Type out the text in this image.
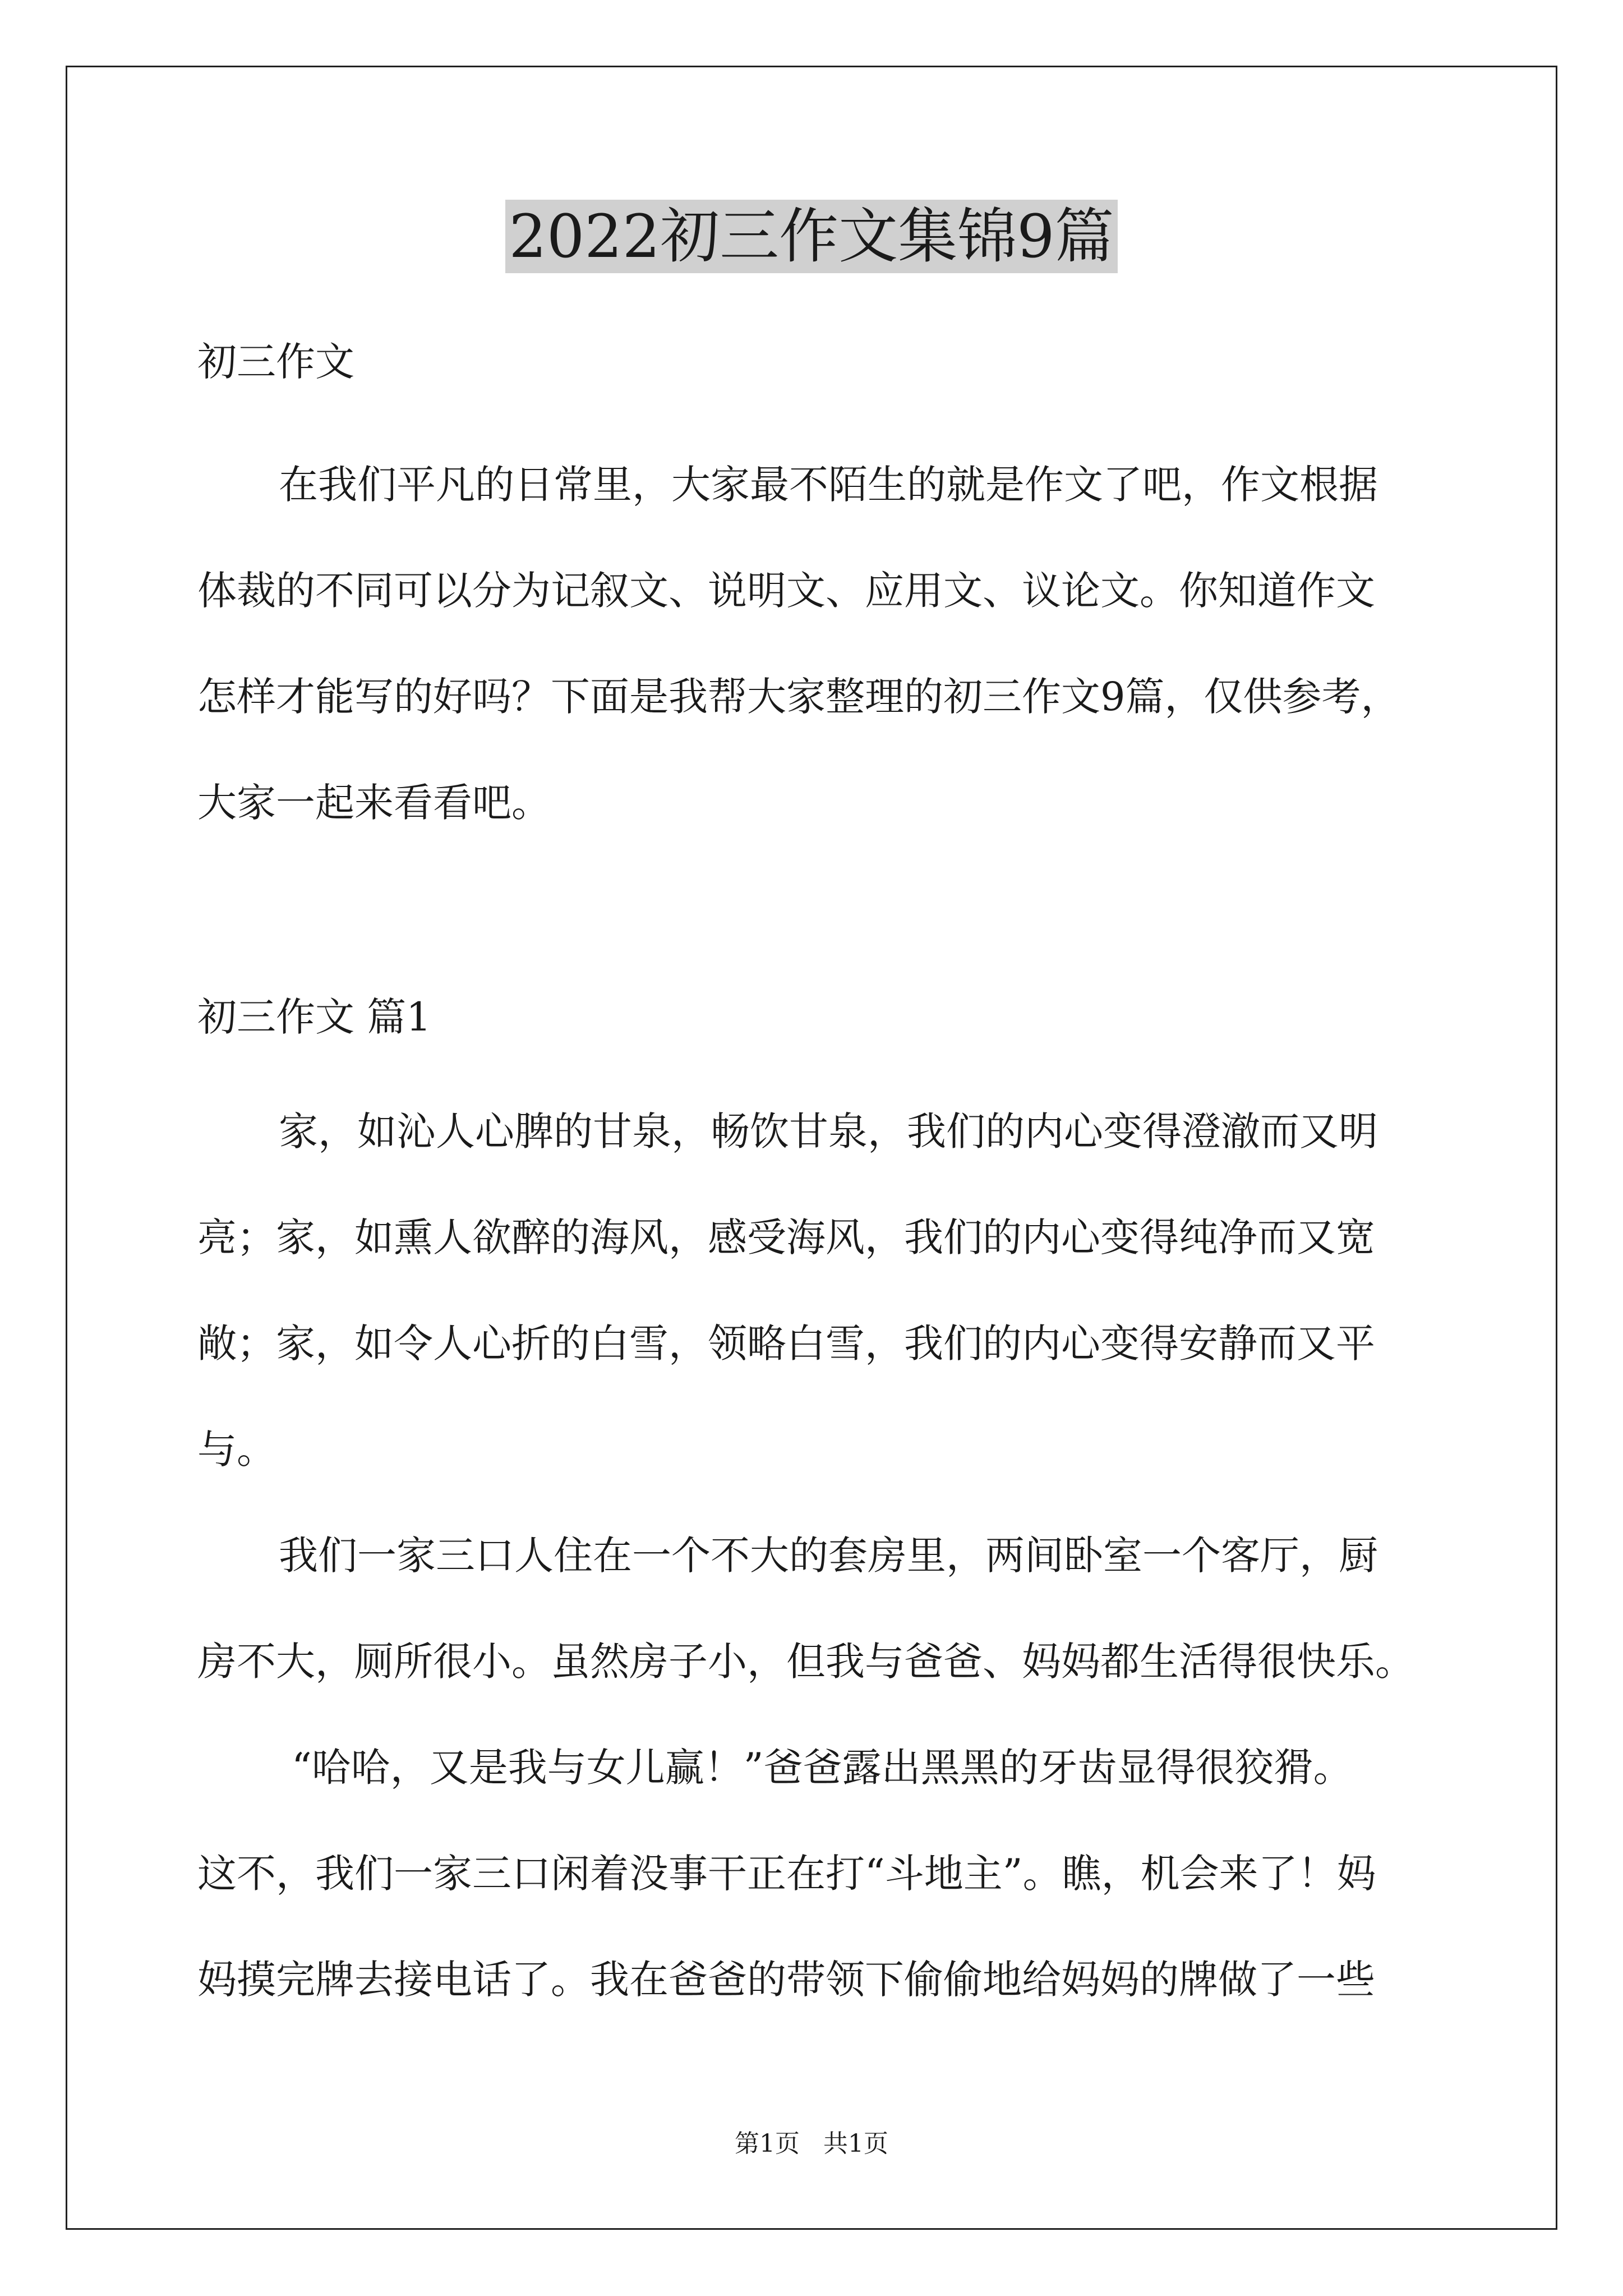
2022初三作文集锦9篇

初三作文

在我们平凡的日常里，大家最不陌生的就是作文了吧，作文根据

体裁的不同可以分为记叙文、说明文、应用文、议论文。你知道作文

怎样才能写的好吗？下面是我帮大家整理的初三作文9篇，仅供参考，

大家一起来看看吧。

初三作文 篇1

家，如沁人心脾的甘泉，畅饮甘泉，我们的内心变得澄澈而又明

亮；家，如熏人欲醉的海风，感受海风，我们的内心变得纯净而又宽

敞；家，如令人心折的白雪，领略白雪，我们的内心变得安静而又平

与。

我们一家三口人住在一个不大的套房里，两间卧室一个客厅，厨

房不大，厕所很小。虽然房子小，但我与爸爸、妈妈都生活得很快乐。

“哈哈，又是我与女儿赢！”爸爸露出黑黑的牙齿显得很狡猾。

这不，我们一家三口闲着没事干正在打“斗地主”。瞧，机会来了！妈

妈摸完牌去接电话了。我在爸爸的带领下偷偷地给妈妈的牌做了一些

第1页 共1页
